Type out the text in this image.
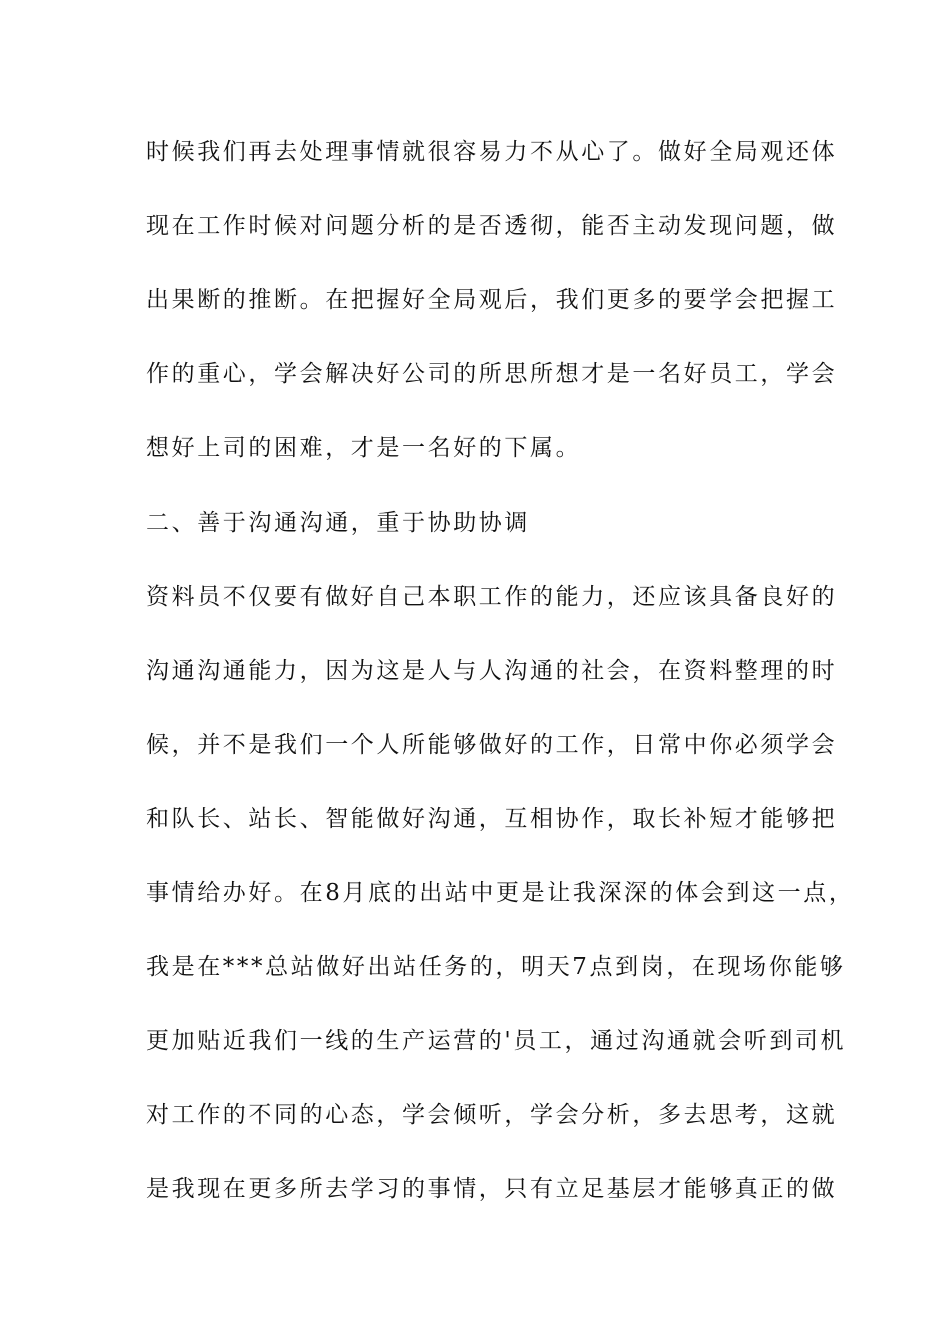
时候我们再去处理事情就很容易力不从心了。做好全局观还体
现在工作时候对问题分析的是否透彻，能否主动发现问题，做
出果断的推断。在把握好全局观后，我们更多的要学会把握工
作的重心，学会解决好公司的所思所想才是一名好员工，学会
想好上司的困难，才是一名好的下属。
二、善于沟通沟通，重于协助协调
资料员不仅要有做好自己本职工作的能力，还应该具备良好的
沟通沟通能力，因为这是人与人沟通的社会，在资料整理的时
候，并不是我们一个人所能够做好的工作，日常中你必须学会
和队长、站长、智能做好沟通，互相协作，取长补短才能够把
事情给办好。在8月底的出站中更是让我深深的体会到这一点，
我是在***总站做好出站任务的，明天7点到岗，在现场你能够
更加贴近我们一线的生产运营的'员工，通过沟通就会听到司机
对工作的不同的心态，学会倾听，学会分析，多去思考，这就
是我现在更多所去学习的事情，只有立足基层才能够真正的做
